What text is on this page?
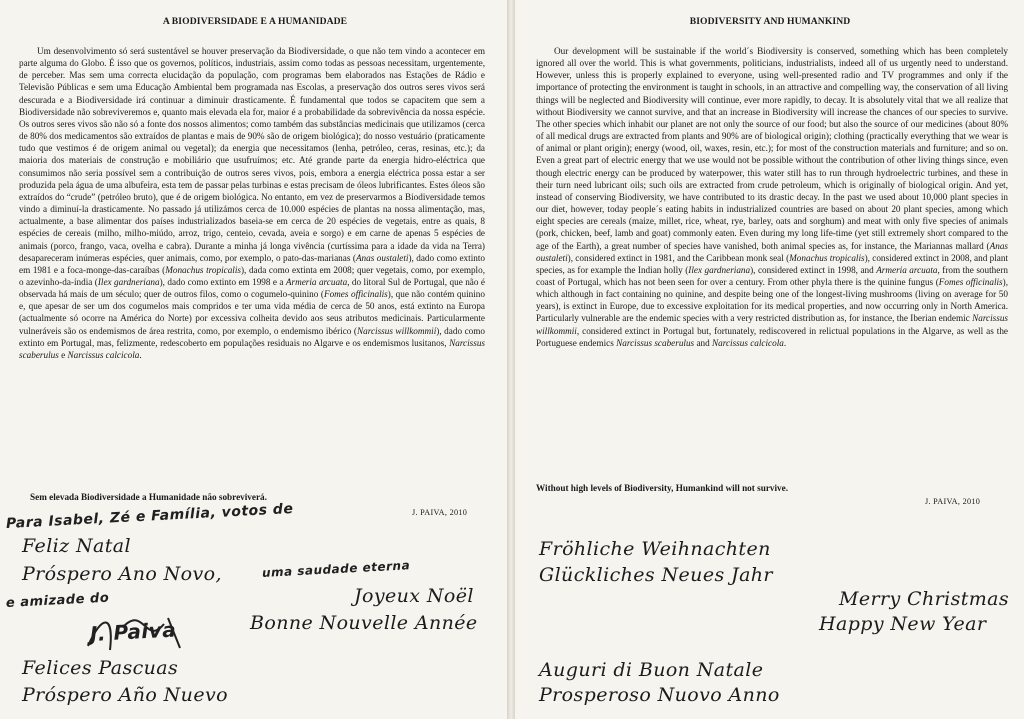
A BIODIVERSIDADE E A HUMANIDADE
Um desenvolvimento só será sustentável se houver preservação da Biodiversidade, o que não tem vindo a acontecer em parte alguma do Globo. É isso que os governos, políticos, industriais, assim como todas as pessoas necessitam, urgentemente, de perceber. Mas sem uma correcta elucidação da população, com programas bem elaborados nas Estações de Rádio e Televisão Públicas e sem uma Educação Ambiental bem programada nas Escolas, a preservação dos outros seres vivos será descurada e a Biodiversidade irá continuar a diminuir drasticamente. É fundamental que todos se capacitem que sem a Biodiversidade não sobreviveremos e, quanto mais elevada ela for, maior é a probabilidade da sobrevivência da nossa espécie. Os outros seres vivos são não só a fonte dos nossos alimentos; como também das substâncias medicinais que utilizamos (cerca de 80% dos medicamentos são extraídos de plantas e mais de 90% são de origem biológica); do nosso vestuário (praticamente tudo que vestimos é de origem animal ou vegetal); da energia que necessitamos (lenha, petróleo, ceras, resinas, etc.); da maioria dos materiais de construção e mobiliário que usufruímos; etc. Até grande parte da energia hidro-eléctrica que consumimos não seria possível sem a contribuição de outros seres vivos, pois, embora a energia eléctrica possa estar a ser produzida pela água de uma albufeira, esta tem de passar pelas turbinas e estas precisam de óleos lubrificantes. Estes óleos são extraídos do “crude” (petróleo bruto), que é de origem biológica. No entanto, em vez de preservarmos a Biodiversidade temos vindo a diminuí-la drasticamente. No passado já utilizámos cerca de 10.000 espécies de plantas na nossa alimentação, mas, actualmente, a base alimentar dos países industrializados baseia-se em cerca de 20 espécies de vegetais, entre as quais, 8 espécies de cereais (milho, milho-miúdo, arroz, trigo, centeio, cevada, aveia e sorgo) e em carne de apenas 5 espécies de animais (porco, frango, vaca, ovelha e cabra). Durante a minha já longa vivência (curtíssima para a idade da vida na Terra) desapareceram inúmeras espécies, quer animais, como, por exemplo, o pato-das-marianas (Anas oustaleti), dado como extinto em 1981 e a foca-monge-das-caraíbas (Monachus tropicalis), dada como extinta em 2008; quer vegetais, como, por exemplo, o azevinho-da-índia (Ilex gardneriana), dado como extinto em 1998 e a Armeria arcuata, do litoral Sul de Portugal, que não é observada há mais de um século; quer de outros filos, como o cogumelo-quinino (Fomes officinalis), que não contém quinino e, que apesar de ser um dos cogumelos mais compridos e ter uma vida média de cerca de 50 anos, está extinto na Europa (actualmente só ocorre na América do Norte) por excessiva colheita devido aos seus atributos medicinais. Particularmente vulneráveis são os endemismos de área restrita, como, por exemplo, o endemismo ibérico (Narcissus willkommii), dado como extinto em Portugal, mas, felizmente, redescoberto em populações residuais no Algarve e os endemismos lusitanos, Narcissus scaberulus e Narcissus calcicola.
Sem elevada Biodiversidade a Humanidade não sobreviverá.
J. PAIVA, 2010
Para Isabel, Zé e Família, votos de
Feliz Natal
Próspero Ano Novo,	uma saudade eterna
e amizade do	Joyeux Noël
Bonne Nouvelle Année
J. Paiva
Felices Pascuas
Próspero Año Nuevo
BIODIVERSITY AND HUMANKIND
Our development will be sustainable if the world´s Biodiversity is conserved, something which has been completely ignored all over the world. This is what governments, politicians, industrialists, indeed all of us urgently need to understand. However, unless this is properly explained to everyone, using well-presented radio and TV programmes and only if the importance of protecting the environment is taught in schools, in an attractive and compelling way, the conservation of all living things will be neglected and Biodiversity will continue, ever more rapidly, to decay. It is absolutely vital that we all realize that without Biodiversity we cannot survive, and that an increase in Biodiversity will increase the chances of our species to survive. The other species which inhabit our planet are not only the source of our food; but also the source of our medicines (about 80% of all medical drugs are extracted from plants and 90% are of biological origin); clothing (practically everything that we wear is of animal or plant origin); energy (wood, oil, waxes, resin, etc.); for most of the construction materials and furniture; and so on. Even a great part of electric energy that we use would not be possible without the contribution of other living things since, even though electric energy can be produced by waterpower, this water still has to run through hydroelectric turbines, and these in their turn need lubricant oils; such oils are extracted from crude petroleum, which is originally of biological origin. And yet, instead of conserving Biodiversity, we have contributed to its drastic decay. In the past we used about 10,000 plant species in our diet, however, today people´s eating habits in industrialized countries are based on about 20 plant species, among which eight species are cereals (maize, millet, rice, wheat, rye, barley, oats and sorghum) and meat with only five species of animals (pork, chicken, beef, lamb and goat) commonly eaten. Even during my long life-time (yet still extremely short compared to the age of the Earth), a great number of species have vanished, both animal species as, for instance, the Mariannas mallard (Anas oustaleti), considered extinct in 1981, and the Caribbean monk seal (Monachus tropicalis), considered extinct in 2008, and plant species, as for example the Indian holly (Ilex gardneriana), considered extinct in 1998, and Armeria arcuata, from the southern coast of Portugal, which has not been seen for over a century. From other phyla there is the quinine fungus (Fomes officinalis), which although in fact containing no quinine, and despite being one of the longest-living mushrooms (living on average for 50 years), is extinct in Europe, due to excessive exploitation for its medical properties, and now occurring only in North America. Particularly vulnerable are the endemic species with a very restricted distribution as, for instance, the Iberian endemic Narcissus willkommii, considered extinct in Portugal but, fortunately, rediscovered in relictual populations in the Algarve, as well as the Portuguese endemics Narcissus scaberulus and Narcissus calcicola.
Without high levels of Biodiversity, Humankind will not survive.
J. PAIVA, 2010
Fröhliche Weihnachten
Glückliches Neues Jahr
Merry Christmas
Happy New Year
Auguri di Buon Natale
Prosperoso Nuovo Anno
